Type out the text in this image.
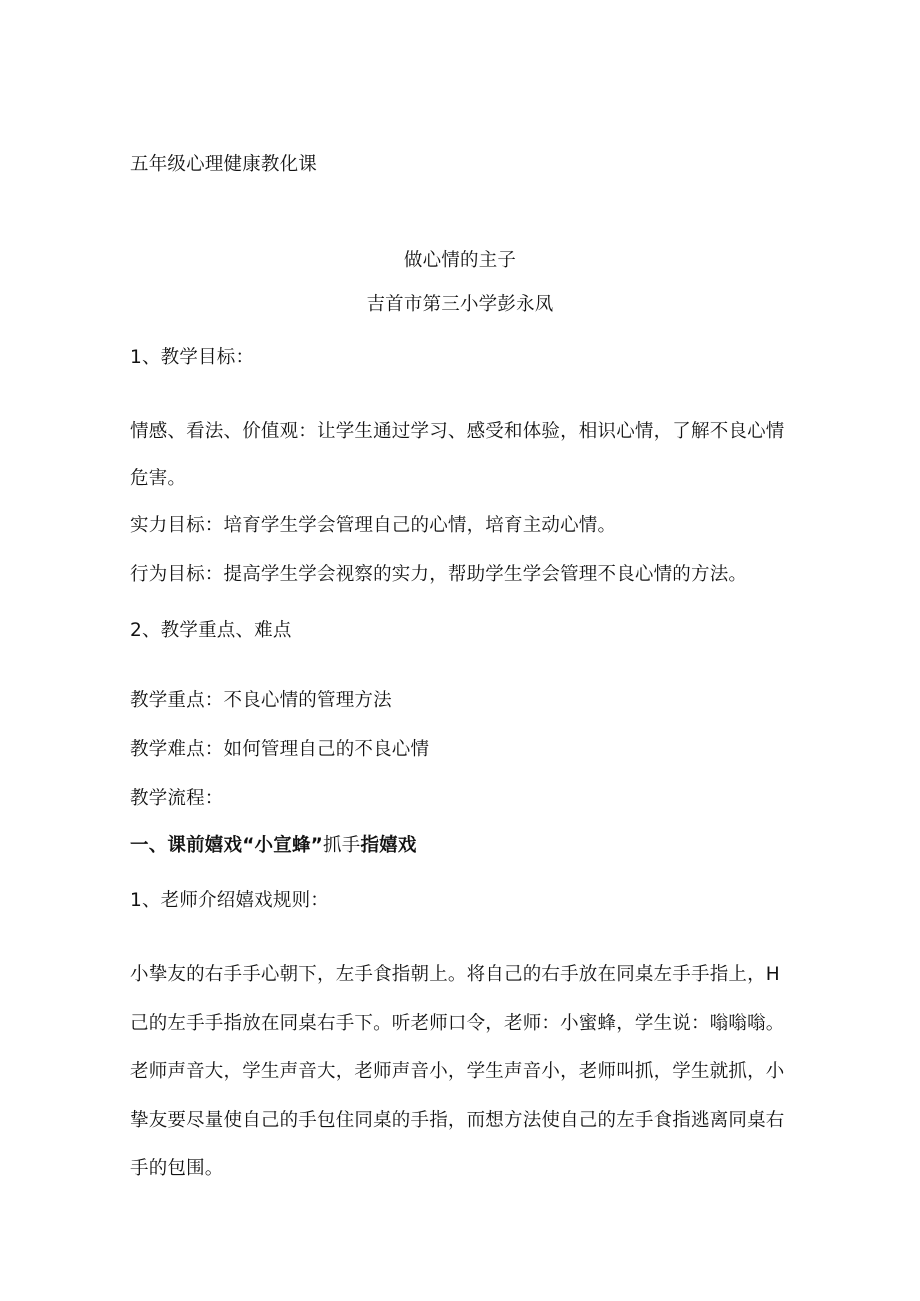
五年级心理健康教化课
做心情的主子
吉首市第三小学彭永凤
1、教学目标：
情感、看法、价值观：让学生通过学习、感受和体验，相识心情，了解不良心情
危害。
实力目标：培育学生学会管理自己的心情，培育主动心情。
行为目标：提高学生学会视察的实力，帮助学生学会管理不良心情的方法。
2、教学重点、难点
教学重点：不良心情的管理方法
教学难点：如何管理自己的不良心情
教学流程：
一、课前嬉戏“小宣蜂”抓手指嬉戏
1、老师介绍嬉戏规则：
小挚友的右手手心朝下，左手食指朝上。将自己的右手放在同桌左手手指上，H
己的左手手指放在同桌右手下。听老师口令，老师：小蜜蜂，学生说：嗡嗡嗡。
老师声音大，学生声音大，老师声音小，学生声音小，老师叫抓，学生就抓，小
挚友要尽量使自己的手包住同桌的手指，而想方法使自己的左手食指逃离同桌右
手的包围。
